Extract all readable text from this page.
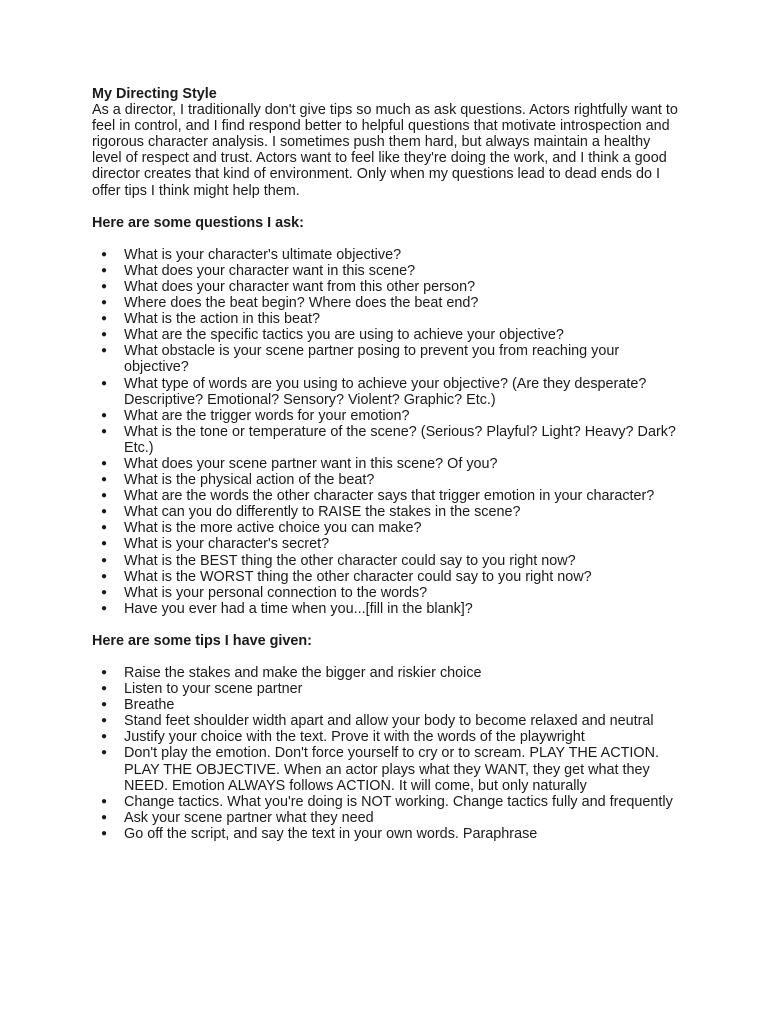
My Directing Style

As a director, I traditionally don't give tips so much as ask questions. Actors rightfully want to feel in control, and I find respond better to helpful questions that motivate introspection and rigorous character analysis. I sometimes push them hard, but always maintain a healthy level of respect and trust. Actors want to feel like they're doing the work, and I think a good director creates that kind of environment. Only when my questions lead to dead ends do I offer tips I think might help them.

Here are some questions I ask:

● What is your character's ultimate objective?
● What does your character want in this scene?
● What does your character want from this other person?
● Where does the beat begin? Where does the beat end?
● What is the action in this beat?
● What are the specific tactics you are using to achieve your objective?
● What obstacle is your scene partner posing to prevent you from reaching your objective?
● What type of words are you using to achieve your objective? (Are they desperate? Descriptive? Emotional? Sensory? Violent? Graphic? Etc.)
● What are the trigger words for your emotion?
● What is the tone or temperature of the scene? (Serious? Playful? Light? Heavy? Dark? Etc.)
● What does your scene partner want in this scene? Of you?
● What is the physical action of the beat?
● What are the words the other character says that trigger emotion in your character?
● What can you do differently to RAISE the stakes in the scene?
● What is the more active choice you can make?
● What is your character's secret?
● What is the BEST thing the other character could say to you right now?
● What is the WORST thing the other character could say to you right now?
● What is your personal connection to the words?
● Have you ever had a time when you...[fill in the blank]?

Here are some tips I have given:

● Raise the stakes and make the bigger and riskier choice
● Listen to your scene partner
● Breathe
● Stand feet shoulder width apart and allow your body to become relaxed and neutral
● Justify your choice with the text. Prove it with the words of the playwright
● Don't play the emotion. Don't force yourself to cry or to scream. PLAY THE ACTION. PLAY THE OBJECTIVE. When an actor plays what they WANT, they get what they NEED. Emotion ALWAYS follows ACTION. It will come, but only naturally
● Change tactics. What you're doing is NOT working. Change tactics fully and frequently
● Ask your scene partner what they need
● Go off the script, and say the text in your own words. Paraphrase
